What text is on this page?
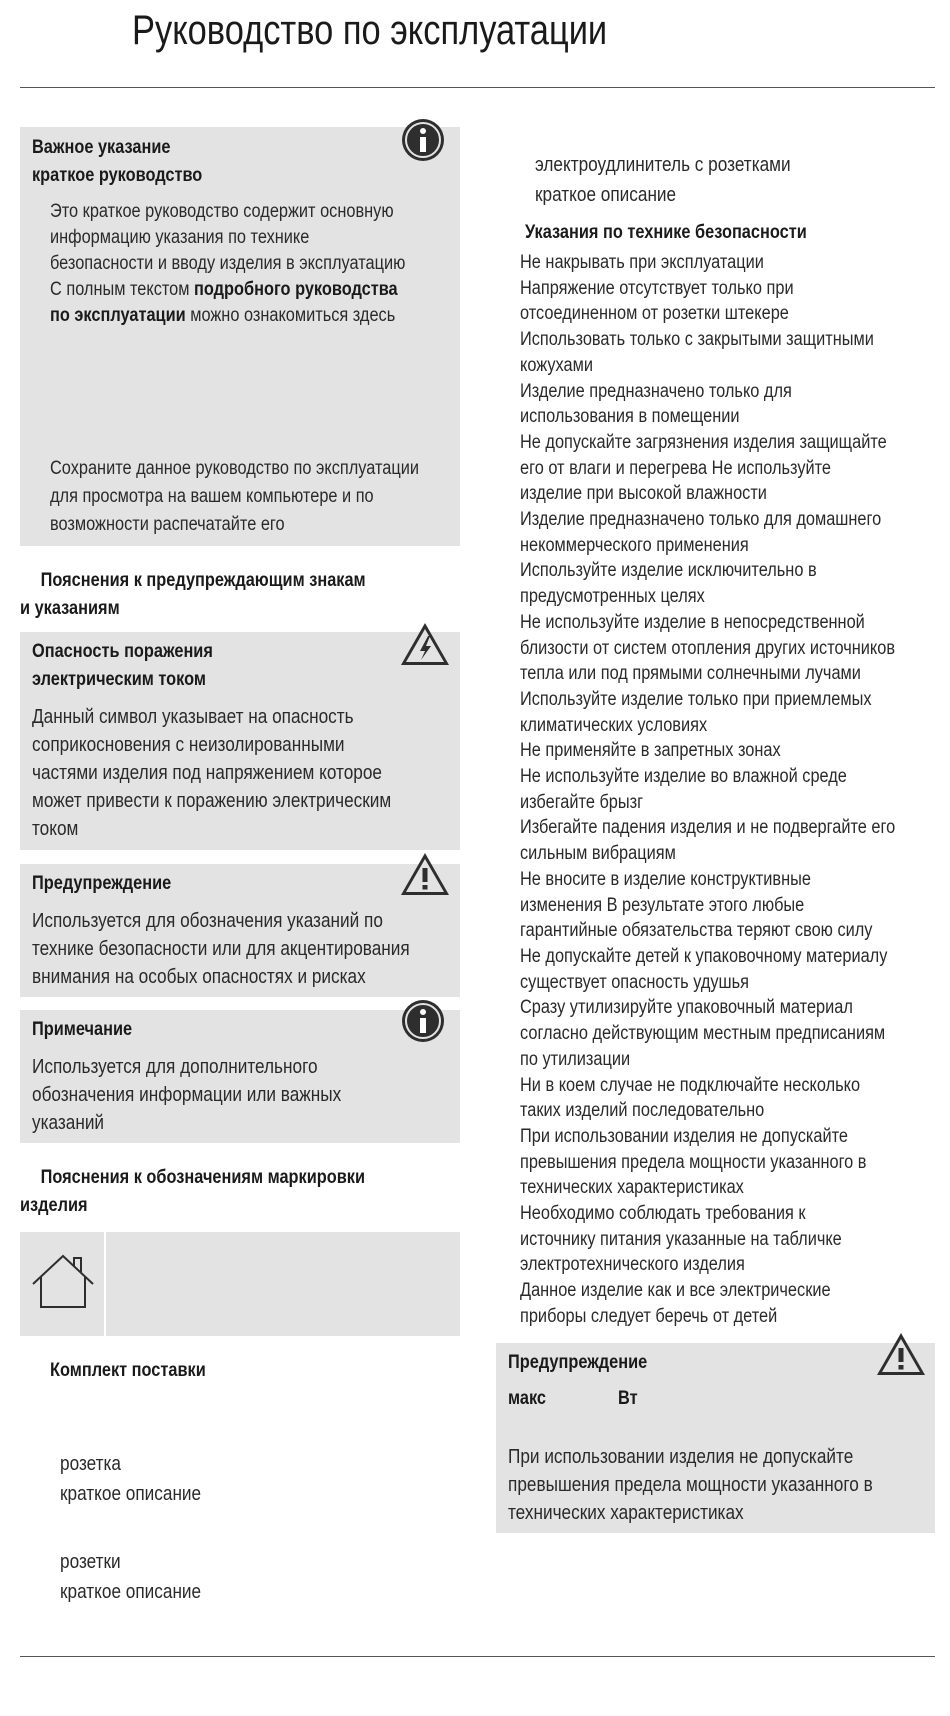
Руководство по эксплуатации
Важное указание
краткое руководство
Это краткое руководство содержит основную
информацию указания по технике
безопасности и вводу изделия в эксплуатацию
С полным текстом подробного руководства
по эксплуатации можно ознакомиться здесь
Сохраните данное руководство по эксплуатации
для просмотра на вашем компьютере и по
возможности распечатайте его
Пояснения к предупреждающим знакам
и указаниям
Опасность поражения
электрическим током
Данный символ указывает на опасность
соприкосновения с неизолированными
частями изделия под напряжением которое
может привести к поражению электрическим
током
Предупреждение
Используется для обозначения указаний по
технике безопасности или для акцентирования
внимания на особых опасностях и рисках
Примечание
Используется для дополнительного
обозначения информации или важных
указаний
Пояснения к обозначениям маркировки
изделия
Комплект поставки
розетка
краткое описание
розетки
краткое описание
электроудлинитель с розетками
краткое описание
Указания по технике безопасности
Не накрывать при эксплуатации
Напряжение отсутствует только при
отсоединенном от розетки штекере
Использовать только с закрытыми защитными
кожухами
Изделие предназначено только для
использования в помещении
Не допускайте загрязнения изделия защищайте
его от влаги и перегрева Не используйте
изделие при высокой влажности
Изделие предназначено только для домашнего
некоммерческого применения
Используйте изделие исключительно в
предусмотренных целях
Не используйте изделие в непосредственной
близости от систем отопления других источников
тепла или под прямыми солнечными лучами
Используйте изделие только при приемлемых
климатических условиях
Не применяйте в запретных зонах
Не используйте изделие во влажной среде
избегайте брызг
Избегайте падения изделия и не подвергайте его
сильным вибрациям
Не вносите в изделие конструктивные
изменения В результате этого любые
гарантийные обязательства теряют свою силу
Не допускайте детей к упаковочному материалу
существует опасность удушья
Сразу утилизируйте упаковочный материал
согласно действующим местным предписаниям
по утилизации
Ни в коем случае не подключайте несколько
таких изделий последовательно
При использовании изделия не допускайте
превышения предела мощности указанного в
технических характеристиках
Необходимо соблюдать требования к
источнику питания указанные на табличке
электротехнического изделия
Данное изделие как и все электрические
приборы следует беречь от детей
Предупреждение
макс	Вт
При использовании изделия не допускайте
превышения предела мощности указанного в
технических характеристиках
